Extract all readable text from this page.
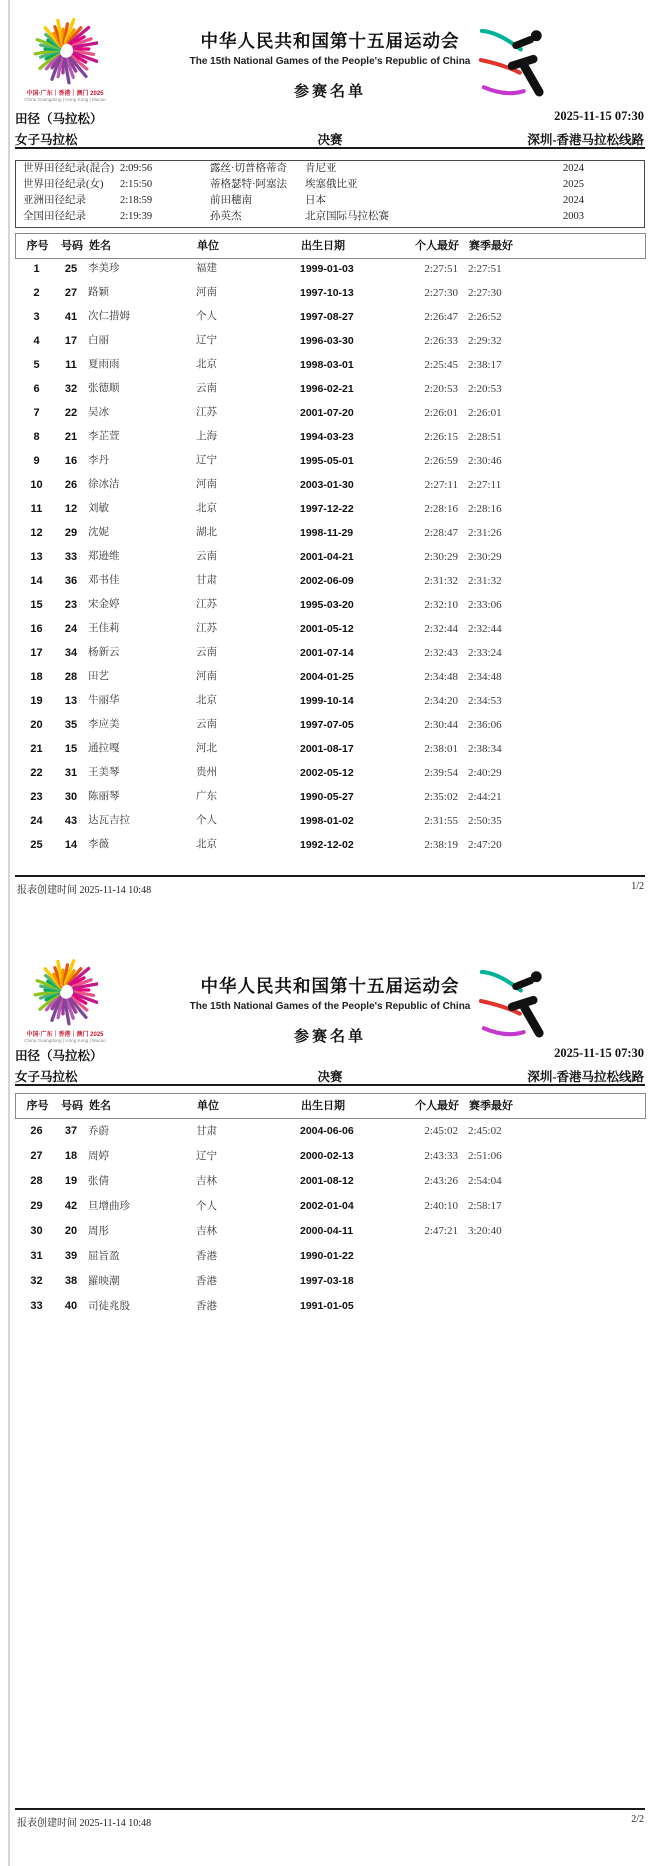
中国·广东｜香港｜澳门 2025
China Guangdong | Hong Kong | Macao
中华人民共和国第十五届运动会
The 15th National Games of the People's Republic of China
参赛名单
田径（马拉松）	2025-11-15 07:30
女子马拉松	决赛	深圳-香港马拉松线路
世界田径纪录(混合) 2:09:56	露丝·切普格蒂奇	肯尼亚	2024
世界田径纪录(女)	2:15:50	蒂格瑟特·阿塞法	埃塞俄比亚	2025
亚洲田径纪录	2:18:59	前田穗南	日本	2024
全国田径纪录	2:19:39	孙英杰	北京国际马拉松赛	2003
序号	号码 姓名	单位	出生日期	个人最好 赛季最好
1	25	李美珍	福建	1999-01-03	2:27:51 2:27:51
2	27	路颖	河南	1997-10-13	2:27:30 2:27:30
3	41	次仁措姆	个人	1997-08-27	2:26:47 2:26:52
4	17	白丽	辽宁	1996-03-30	2:26:33 2:29:32
5	11	夏雨雨	北京	1998-03-01	2:25:45 2:38:17
6	32	张德顺	云南	1996-02-21	2:20:53 2:20:53
7	22	吴冰	江苏	2001-07-20	2:26:01 2:26:01
8	21	李芷萱	上海	1994-03-23	2:26:15 2:28:51
9	16	李丹	辽宁	1995-05-01	2:26:59 2:30:46
10	26	徐冰洁	河南	2003-01-30	2:27:11 2:27:11
11	12	刘敏	北京	1997-12-22	2:28:16 2:28:16
12	29	沈妮	湖北	1998-11-29	2:28:47 2:31:26
13	33	郑逊维	云南	2001-04-21	2:30:29 2:30:29
14	36	邓书佳	甘肃	2002-06-09	2:31:32 2:31:32
15	23	宋金婷	江苏	1995-03-20	2:32:10 2:33:06
16	24	王佳莉	江苏	2001-05-12	2:32:44 2:32:44
17	34	杨新云	云南	2001-07-14	2:32:43 2:33:24
18	28	田艺	河南	2004-01-25	2:34:48 2:34:48
19	13	牛丽华	北京	1999-10-14	2:34:20 2:34:53
20	35	李应美	云南	1997-07-05	2:30:44 2:36:06
21	15	通拉嘎	河北	2001-08-17	2:38:01 2:38:34
22	31	王美琴	贵州	2002-05-12	2:39:54 2:40:29
23	30	陈丽琴	广东	1990-05-27	2:35:02 2:44:21
24	43	达瓦吉拉	个人	1998-01-02	2:31:55 2:50:35
25	14	李薇	北京	1992-12-02	2:38:19 2:47:20
报表创建时间 2025-11-14 10:48	1/2
中国·广东｜香港｜澳门 2025
China Guangdong | Hong Kong | Macao
中华人民共和国第十五届运动会
The 15th National Games of the People's Republic of China
参赛名单
田径（马拉松）	2025-11-15 07:30
女子马拉松	决赛	深圳-香港马拉松线路
序号	号码 姓名	单位	出生日期	个人最好 赛季最好
26	37	乔蔚	甘肃	2004-06-06	2:45:02 2:45:02
27	18	周婷	辽宁	2000-02-13	2:43:33 2:51:06
28	19	张倩	吉林	2001-08-12	2:43:26 2:54:04
29	42	旦增曲珍	个人	2002-01-04	2:40:10 2:58:17
30	20	周彤	吉林	2000-04-11	2:47:21 3:20:40
31	39	屈旨盈	香港	1990-01-22
32	38	羅映潮	香港	1997-03-18
33	40	司徒兆殷	香港	1991-01-05
报表创建时间 2025-11-14 10:48	2/2
